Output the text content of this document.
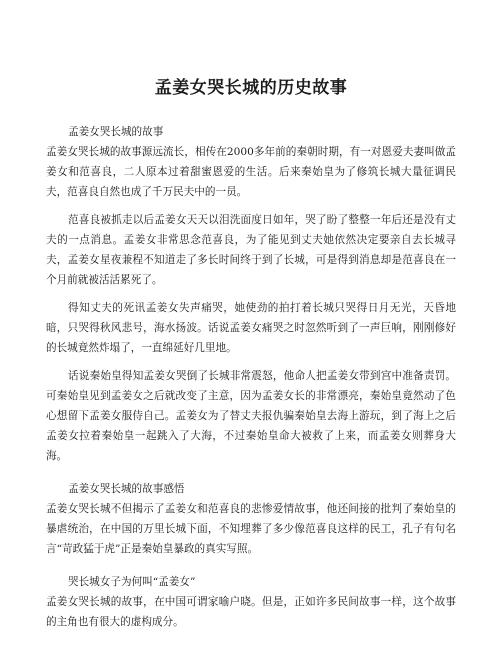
孟姜女哭长城的历史故事

孟姜女哭长城的故事

孟姜女哭长城的故事源远流长，相传在2000多年前的秦朝时期，有一对恩爱夫妻叫做孟姜女和范喜良，二人原本过着甜蜜恩爱的生活。后来秦始皇为了修筑长城大量征调民夫，范喜良自然也成了千万民夫中的一员。

范喜良被抓走以后孟姜女天天以泪洗面度日如年，哭了盼了整整一年后还是没有丈夫的一点消息。孟姜女非常思念范喜良，为了能见到丈夫她依然决定要亲自去长城寻夫，孟姜女星夜兼程不知道走了多长时间终于到了长城，可是得到消息却是范喜良在一个月前就被活活累死了。

得知丈夫的死讯孟姜女失声痛哭，她使劲的拍打着长城只哭得日月无光，天昏地暗，只哭得秋风悲号，海水扬波。话说孟姜女痛哭之时忽然听到了一声巨响，刚刚修好的长城竟然炸塌了，一直绵延好几里地。

话说秦始皇得知孟姜女哭倒了长城非常震怒，他命人把孟姜女带到宫中准备责罚。可秦始皇见到孟姜女之后就改变了主意，因为孟姜女长的非常漂亮，秦始皇竟然动了色心想留下孟姜女服侍自己。孟姜女为了替丈夫报仇骗秦始皇去海上游玩，到了海上之后孟姜女拉着秦始皇一起跳入了大海，不过秦始皇命大被救了上来，而孟姜女则葬身大海。

孟姜女哭长城的故事感悟

孟姜女哭长城不但揭示了孟姜女和范喜良的悲惨爱情故事，他还间接的批判了秦始皇的暴虐统治，在中国的万里长城下面，不知埋葬了多少像范喜良这样的民工，孔子有句名言“苛政猛于虎”正是秦始皇暴政的真实写照。

哭长城女子为何叫“孟姜女”

孟姜女哭长城的故事，在中国可谓家喻户晓。但是，正如许多民间故事一样，这个故事的主角也有很大的虚构成分。
